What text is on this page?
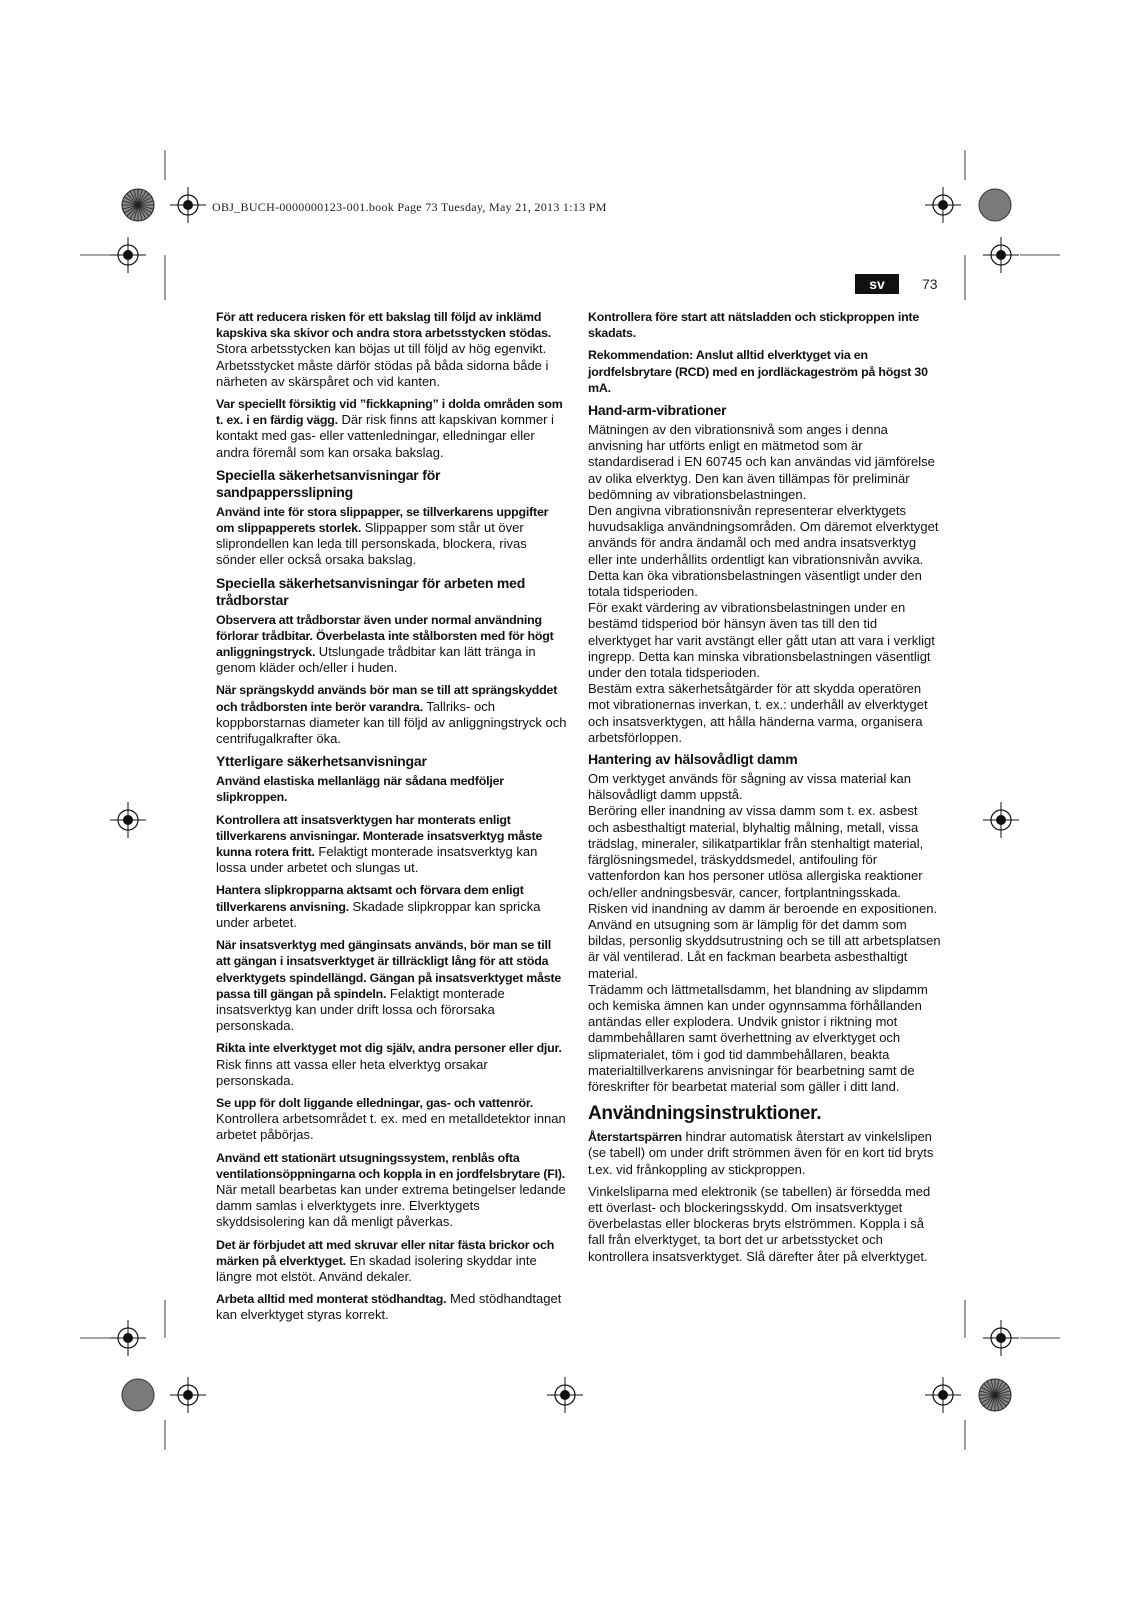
OBJ_BUCH-0000000123-001.book Page 73 Tuesday, May 21, 2013 1:13 PM
sv	73

För att reducera risken för ett bakslag till följd av inklämd kapskiva ska skivor och andra stora arbetsstycken stödas. Stora arbetsstycken kan böjas ut till följd av hög egenvikt. Arbetsstycket måste därför stödas på båda sidorna både i närheten av skärspåret och vid kanten.

Var speciellt försiktig vid ”fickkapning” i dolda områden som t. ex. i en färdig vägg. Där risk finns att kapskivan kommer i kontakt med gas- eller vattenledningar, elledningar eller andra föremål som kan orsaka bakslag.

Speciella säkerhetsanvisningar för sandpappersslipning

Använd inte för stora slippapper, se tillverkarens uppgifter om slippapperets storlek. Slippapper som står ut över sliprondellen kan leda till personskada, blockera, rivas sönder eller också orsaka bakslag.

Speciella säkerhetsanvisningar för arbeten med trådborstar

Observera att trådborstar även under normal användning förlorar trådbitar. Överbelasta inte stålborsten med för högt anliggningstryck. Utslungade trådbitar kan lätt tränga in genom kläder och/eller i huden.

När sprängskydd används bör man se till att sprängskyddet och trådborsten inte berör varandra. Tallriks- och koppborstarnas diameter kan till följd av anliggningstryck och centrifugalkrafter öka.

Ytterligare säkerhetsanvisningar

Använd elastiska mellanlägg när sådana medföljer slipkroppen.

Kontrollera att insatsverktygen har monterats enligt tillverkarens anvisningar. Monterade insatsverktyg måste kunna rotera fritt. Felaktigt monterade insatsverktyg kan lossa under arbetet och slungas ut.

Hantera slipkropparna aktsamt och förvara dem enligt tillverkarens anvisning. Skadade slipkroppar kan spricka under arbetet.

När insatsverktyg med gänginsats används, bör man se till att gängan i insatsverktyget är tillräckligt lång för att stöda elverktygets spindellängd. Gängan på insatsverktyget måste passa till gängan på spindeln. Felaktigt monterade insatsverktyg kan under drift lossa och förorsaka personskada.

Rikta inte elverktyget mot dig själv, andra personer eller djur. Risk finns att vassa eller heta elverktyg orsakar personskada.

Se upp för dolt liggande elledningar, gas- och vattenrör. Kontrollera arbetsområdet t. ex. med en metalldetektor innan arbetet påbörjas.

Använd ett stationärt utsugningssystem, renblås ofta ventilationsöppningarna och koppla in en jordfelsbrytare (FI). När metall bearbetas kan under extrema betingelser ledande damm samlas i elverktygets inre. Elverktygets skyddsisolering kan då menligt påverkas.

Det är förbjudet att med skruvar eller nitar fästa brickor och märken på elverktyget. En skadad isolering skyddar inte längre mot elstöt. Använd dekaler.

Arbeta alltid med monterat stödhandtag. Med stödhandtaget kan elverktyget styras korrekt.

Kontrollera före start att nätsladden och stickproppen inte skadats.

Rekommendation: Anslut alltid elverktyget via en jordfelsbrytare (RCD) med en jordläckageström på högst 30 mA.

Hand-arm-vibrationer

Mätningen av den vibrationsnivå som anges i denna anvisning har utförts enligt en mätmetod som är standardiserad i EN 60745 och kan användas vid jämförelse av olika elverktyg. Den kan även tillämpas för preliminär bedömning av vibrationsbelastningen.

Den angivna vibrationsnivån representerar elverktygets huvudsakliga användningsområden. Om däremot elverktyget används för andra ändamål och med andra insatsverktyg eller inte underhållits ordentligt kan vibrationsnivån avvika. Detta kan öka vibrationsbelastningen väsentligt under den totala tidsperioden.

För exakt värdering av vibrationsbelastningen under en bestämd tidsperiod bör hänsyn även tas till den tid elverktyget har varit avstängt eller gått utan att vara i verkligt ingrepp. Detta kan minska vibrationsbelastningen väsentligt under den totala tidsperioden.

Bestäm extra säkerhetsåtgärder för att skydda operatören mot vibrationernas inverkan, t. ex.: underhåll av elverktyget och insatsverktygen, att hålla händerna varma, organisera arbetsförloppen.

Hantering av hälsovådligt damm

Om verktyget används för sågning av vissa material kan hälsovådligt damm uppstå.

Beröring eller inandning av vissa damm som t. ex. asbest och asbesthaltigt material, blyhaltig målning, metall, vissa trädslag, mineraler, silikatpartiklar från stenhaltigt material, färglösningsmedel, träskyddsmedel, antifouling för vattenfordon kan hos personer utlösa allergiska reaktioner och/eller andningsbesvär, cancer, fortplantningsskada. Risken vid inandning av damm är beroende en expositionen. Använd en utsugning som är lämplig för det damm som bildas, personlig skyddsutrustning och se till att arbetsplatsen är väl ventilerad. Låt en fackman bearbeta asbesthaltigt material.

Trädamm och lättmetallsdamm, het blandning av slipdamm och kemiska ämnen kan under ogynnsamma förhållanden antändas eller explodera. Undvik gnistor i riktning mot dammbehållaren samt överhettning av elverktyget och slipmaterialet, töm i god tid dammbehållaren, beakta materialtillverkarens anvisningar för bearbetning samt de föreskrifter för bearbetat material som gäller i ditt land.

Användningsinstruktioner.

Återstartspärren hindrar automatisk återstart av vinkelslipen (se tabell) om under drift strömmen även för en kort tid bryts t.ex. vid frånkoppling av stickproppen.

Vinkelsliparna med elektronik (se tabellen) är försedda med ett överlast- och blockeringsskydd. Om insatsverktyget överbelastas eller blockeras bryts elströmmen. Koppla i så fall från elverktyget, ta bort det ur arbetsstycket och kontrollera insatsverktyget. Slå därefter åter på elverktyget.
